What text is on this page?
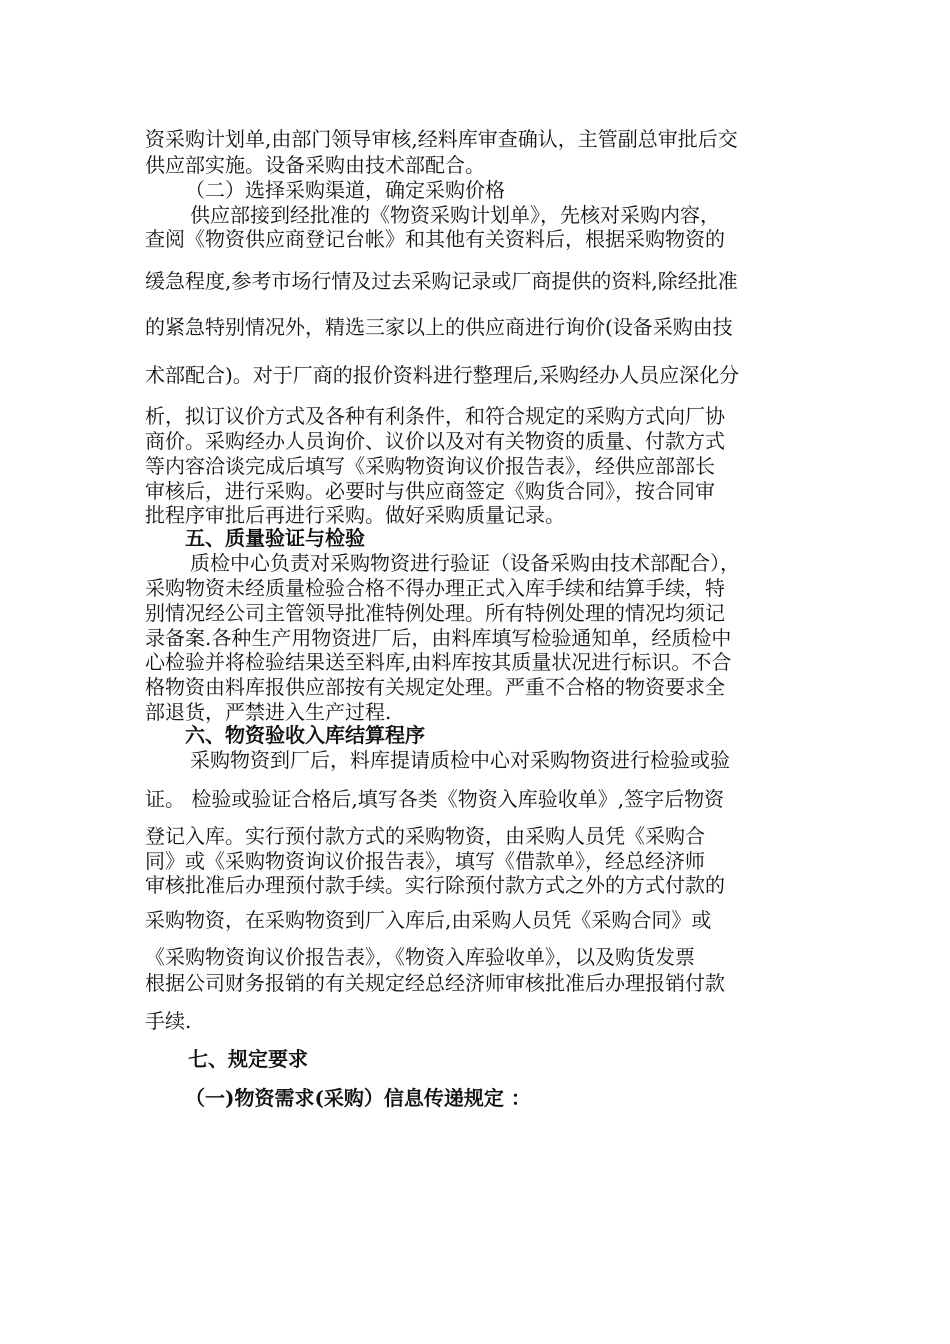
资采购计划单,由部门领导审核,经料库审查确认，主管副总审批后交
供应部实施。设备采购由技术部配合。
（二）选择采购渠道，确定采购价格
供应部接到经批准的《物资采购计划单》，先核对采购内容，
查阅《物资供应商登记台帐》和其他有关资料后，根据采购物资的
缓急程度,参考市场行情及过去采购记录或厂商提供的资料,除经批准
的紧急特别情况外，精选三家以上的供应商进行询价(设备采购由技
术部配合)。对于厂商的报价资料进行整理后,采购经办人员应深化分
析，拟订议价方式及各种有利条件，和符合规定的采购方式向厂协
商价。采购经办人员询价、议价以及对有关物资的质量、付款方式
等内容洽谈完成后填写《采购物资询议价报告表》，经供应部部长
审核后，进行采购。必要时与供应商签定《购货合同》，按合同审
批程序审批后再进行采购。做好采购质量记录。
五、质量验证与检验
质检中心负责对采购物资进行验证（设备采购由技术部配合），
采购物资未经质量检验合格不得办理正式入库手续和结算手续，特
别情况经公司主管领导批准特例处理。所有特例处理的情况均须记
录备案.各种生产用物资进厂后，由料库填写检验通知单，经质检中
心检验并将检验结果送至料库,由料库按其质量状况进行标识。不合
格物资由料库报供应部按有关规定处理。严重不合格的物资要求全
部退货，严禁进入生产过程.
六、物资验收入库结算程序
采购物资到厂后，料库提请质检中心对采购物资进行检验或验
证。 检验或验证合格后,填写各类《物资入库验收单》,签字后物资
登记入库。实行预付款方式的采购物资，由采购人员凭《采购合
同》或《采购物资询议价报告表》，填写《借款单》，经总经济师
审核批准后办理预付款手续。实行除预付款方式之外的方式付款的
采购物资，在采购物资到厂入库后,由采购人员凭《采购合同》或
《采购物资询议价报告表》，《物资入库验收单》，以及购货发票
根据公司财务报销的有关规定经总经济师审核批准后办理报销付款
手续.
七、规定要求
（一)物资需求(采购）信息传递规定 ：
